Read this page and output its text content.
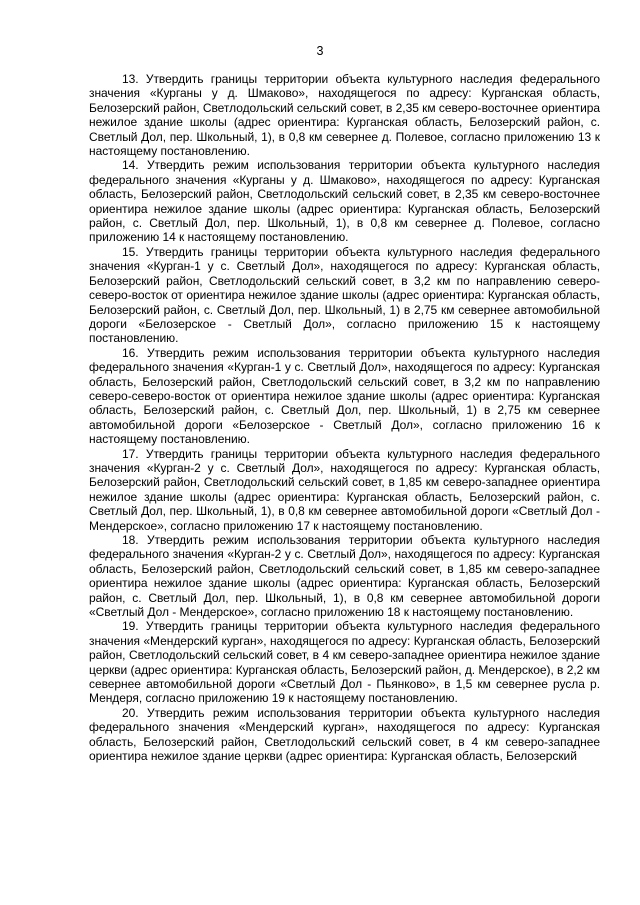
3

13. Утвердить границы территории объекта культурного наследия федерального значения «Курганы у д. Шмаково», находящегося по адресу: Курганская область, Белозерский район, Светлодольский сельский совет, в 2,35 км северо-восточнее ориентира нежилое здание школы (адрес ориентира: Курганская область, Белозерский район, с. Светлый Дол, пер. Школьный, 1), в 0,8 км севернее д. Полевое, согласно приложению 13 к настоящему постановлению.

14. Утвердить режим использования территории объекта культурного наследия федерального значения «Курганы у д. Шмаково», находящегося по адресу: Курганская область, Белозерский район, Светлодольский сельский совет, в 2,35 км северо-восточнее ориентира нежилое здание школы (адрес ориентира: Курганская область, Белозерский район, с. Светлый Дол, пер. Школьный, 1), в 0,8 км севернее д. Полевое, согласно приложению 14 к настоящему постановлению.

15. Утвердить границы территории объекта культурного наследия федерального значения «Курган-1 у с. Светлый Дол», находящегося по адресу: Курганская область, Белозерский район, Светлодольский сельский совет, в 3,2 км по направлению северо-северо-восток от ориентира нежилое здание школы (адрес ориентира: Курганская область, Белозерский район, с. Светлый Дол, пер. Школьный, 1) в 2,75 км севернее автомобильной дороги «Белозерское - Светлый Дол», согласно приложению 15 к настоящему постановлению.

16. Утвердить режим использования территории объекта культурного наследия федерального значения «Курган-1 у с. Светлый Дол», находящегося по адресу: Курганская область, Белозерский район, Светлодольский сельский совет, в 3,2 км по направлению северо-северо-восток от ориентира нежилое здание школы (адрес ориентира: Курганская область, Белозерский район, с. Светлый Дол, пер. Школьный, 1) в 2,75 км севернее автомобильной дороги «Белозерское - Светлый Дол», согласно приложению 16 к настоящему постановлению.

17. Утвердить границы территории объекта культурного наследия федерального значения «Курган-2 у с. Светлый Дол», находящегося по адресу: Курганская область, Белозерский район, Светлодольский сельский совет, в 1,85 км северо-западнее ориентира нежилое здание школы (адрес ориентира: Курганская область, Белозерский район, с. Светлый Дол, пер. Школьный, 1), в 0,8 км севернее автомобильной дороги «Светлый Дол - Мендерское», согласно приложению 17 к настоящему постановлению.

18. Утвердить режим использования территории объекта культурного наследия федерального значения «Курган-2 у с. Светлый Дол», находящегося по адресу: Курганская область, Белозерский район, Светлодольский сельский совет, в 1,85 км северо-западнее ориентира нежилое здание школы (адрес ориентира: Курганская область, Белозерский район, с. Светлый Дол, пер. Школьный, 1), в 0,8 км севернее автомобильной дороги «Светлый Дол - Мендерское», согласно приложению 18 к настоящему постановлению.

19. Утвердить границы территории объекта культурного наследия федерального значения «Мендерский курган», находящегося по адресу: Курганская область, Белозерский район, Светлодольский сельский совет, в 4 км северо-западнее ориентира нежилое здание церкви (адрес ориентира: Курганская область, Белозерский район, д. Мендерское), в 2,2 км севернее автомобильной дороги «Светлый Дол - Пьянково», в 1,5 км севернее русла р. Мендеря, согласно приложению 19 к настоящему постановлению.

20. Утвердить режим использования территории объекта культурного наследия федерального значения «Мендерский курган», находящегося по адресу: Курганская область, Белозерский район, Светлодольский сельский совет, в 4 км северо-западнее ориентира нежилое здание церкви (адрес ориентира: Курганская область, Белозерский
